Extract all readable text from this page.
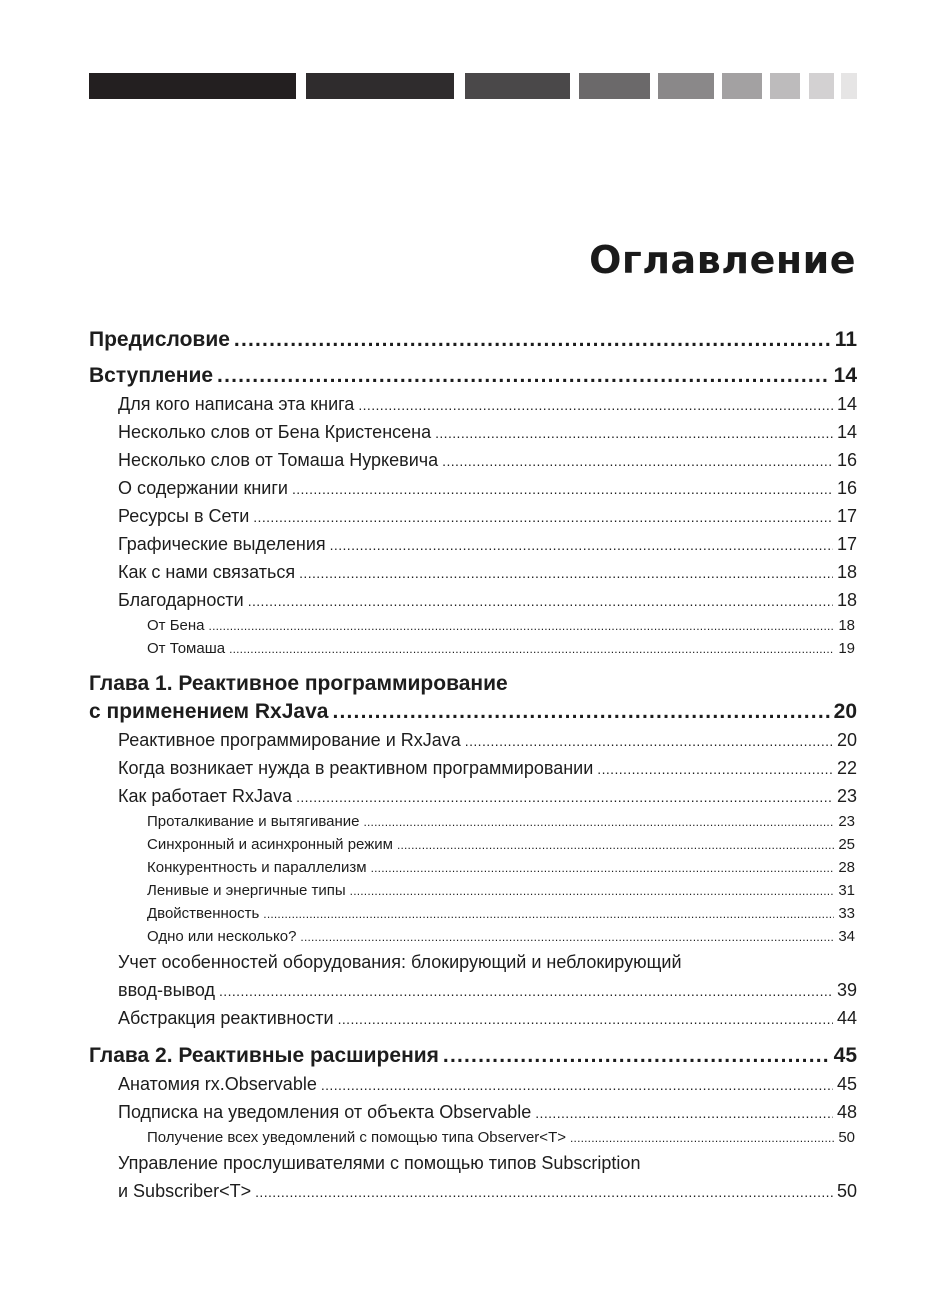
Оглавление
Предисловие .....	11
Вступление .....	14
Для кого написана эта книга .....	14
Несколько слов от Бена Кристенсена .....	14
Несколько слов от Томаша Нуркевича .....	16
О содержании книги .....	16
Ресурсы в Сети .....	17
Графические выделения .....	17
Как с нами связаться .....	18
Благодарности .....	18
От Бена .....	18
От Томаша .....	19
Глава 1. Реактивное программирование
с применением RxJava .....	20
Реактивное программирование и RxJava .....	20
Когда возникает нужда в реактивном программировании .....	22
Как работает RxJava .....	23
Проталкивание и вытягивание .....	23
Синхронный и асинхронный режим .....	25
Конкурентность и параллелизм .....	28
Ленивые и энергичные типы .....	31
Двойственность .....	33
Одно или несколько? .....	34
Учет особенностей оборудования: блокирующий и неблокирующий
ввод-вывод .....	39
Абстракция реактивности .....	44
Глава 2. Реактивные расширения .....	45
Анатомия rx.Observable .....	45
Подписка на уведомления от объекта Observable .....	48
Получение всех уведомлений с помощью типа Observer<T> .....	50
Управление прослушивателями с помощью типов Subscription
и Subscriber<T> .....	50
